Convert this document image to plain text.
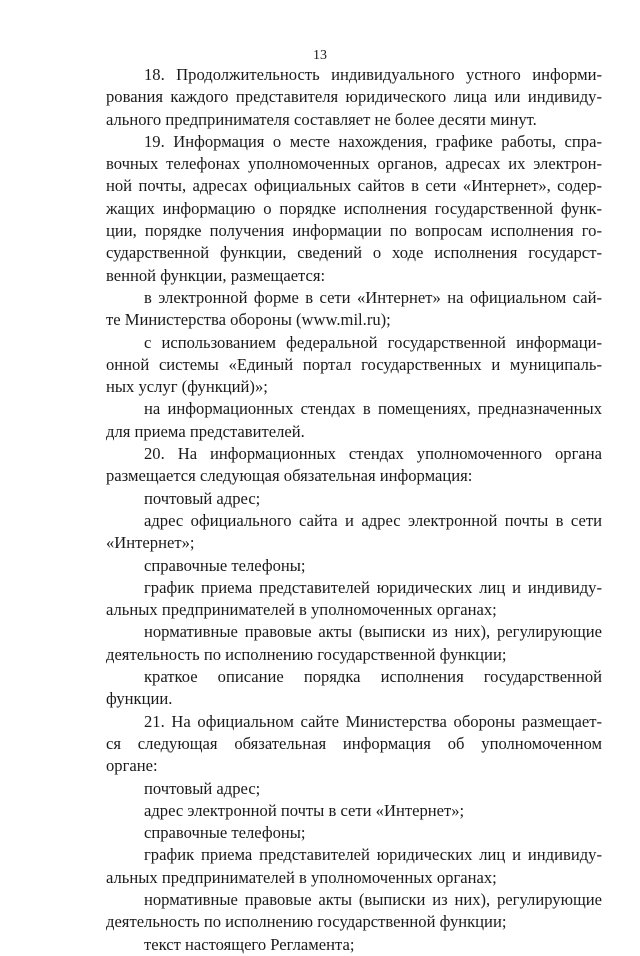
13
18. Продолжительность индивидуального устного информи-
рования каждого представителя юридического лица или индивиду-
ального предпринимателя составляет не более десяти минут.
19. Информация о месте нахождения, графике работы, спра-
вочных телефонах уполномоченных органов, адресах их электрон-
ной почты, адресах официальных сайтов в сети «Интернет», содер-
жащих информацию о порядке исполнения государственной функ-
ции, порядке получения информации по вопросам исполнения го-
сударственной функции, сведений о ходе исполнения государст-
венной функции, размещается:
в электронной форме в сети «Интернет» на официальном сай-
те Министерства обороны (www.mil.ru);
с использованием федеральной государственной информаци-
онной системы «Единый портал государственных и муниципаль-
ных услуг (функций)»;
на информационных стендах в помещениях, предназначенных
для приема представителей.
20. На информационных стендах уполномоченного органа
размещается следующая обязательная информация:
почтовый адрес;
адрес официального сайта и адрес электронной почты в сети
«Интернет»;
справочные телефоны;
график приема представителей юридических лиц и индивиду-
альных предпринимателей в уполномоченных органах;
нормативные правовые акты (выписки из них), регулирующие
деятельность по исполнению государственной функции;
краткое описание порядка исполнения государственной
функции.
21. На официальном сайте Министерства обороны размещает-
ся следующая обязательная информация об уполномоченном
органе:
почтовый адрес;
адрес электронной почты в сети «Интернет»;
справочные телефоны;
график приема представителей юридических лиц и индивиду-
альных предпринимателей в уполномоченных органах;
нормативные правовые акты (выписки из них), регулирующие
деятельность по исполнению государственной функции;
текст настоящего Регламента;
